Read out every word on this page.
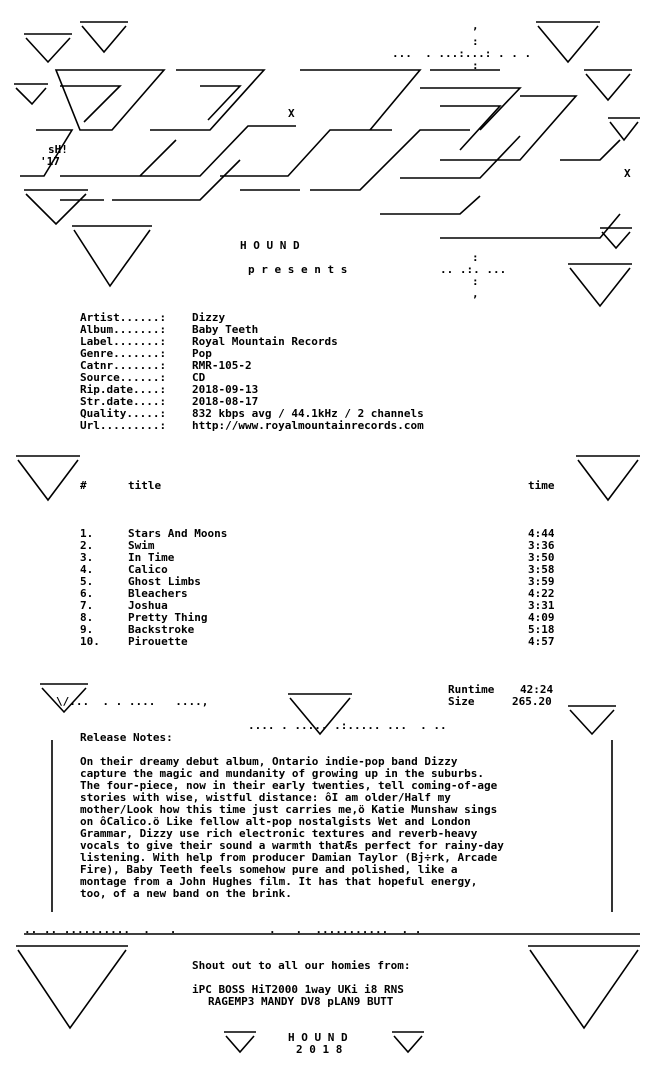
...  . ...:...: . . .
,
:
:
X
X
.. .:. ...
:
:
,
\/...  . . ....   ....,
.... . ..... .:..... ...  . ..
.. .. ..........  .   .              .   .  ...........  . .
sH!
'17
H O U N D
p r e s e n t s
Artist......: Dizzy
Album.......: Baby Teeth
Label.......: Royal Mountain Records
Genre.......: Pop
Catnr.......: RMR-105-2
Source......: CD
Rip.date....: 2018-09-13
Str.date....: 2018-08-17
Quality.....: 832 kbps avg / 44.1kHz / 2 channels
Url.........: http://www.royalmountainrecords.com
#	title	time
1.	Stars And Moons	4:44
2.	Swim	3:36
3.	In Time	3:50
4.	Calico	3:58
5.	Ghost Limbs	3:59
6.	Bleachers	4:22
7.	Joshua	3:31
8.	Pretty Thing	4:09
9.	Backstroke	5:18
10.	Pirouette	4:57
Runtime 42:24
Size	265.20
Release Notes:
On their dreamy debut album, Ontario indie-pop band Dizzy
capture the magic and mundanity of growing up in the suburbs.
The four-piece, now in their early twenties, tell coming-of-age
stories with wise, wistful distance: ôI am older/Half my
mother/Look how this time just carries me,ö Katie Munshaw sings
on ôCalico.ö Like fellow alt-pop nostalgists Wet and London
Grammar, Dizzy use rich electronic textures and reverb-heavy
vocals to give their sound a warmth thatÆs perfect for rainy-day
listening. With help from producer Damian Taylor (Bj÷rk, Arcade
Fire), Baby Teeth feels somehow pure and polished, like a
montage from a John Hughes film. It has that hopeful energy,
too, of a new band on the brink.
Shout out to all our homies from:
iPC BOSS HiT2000 1way UKi i8 RNS
RAGEMP3 MANDY DV8 pLAN9 BUTT
H O U N D
2 0 1 8
